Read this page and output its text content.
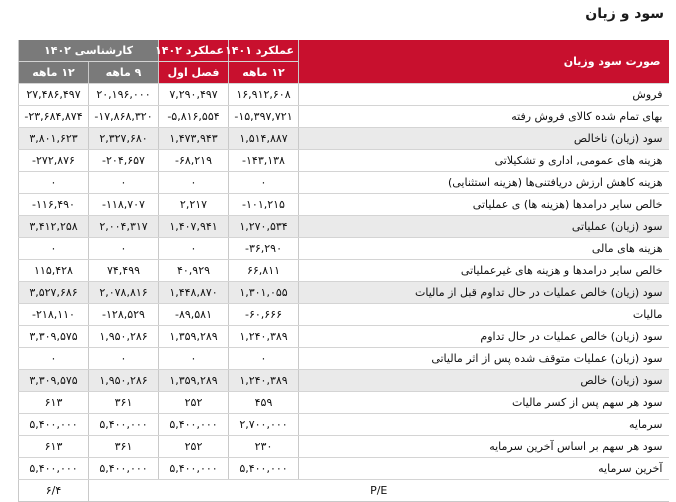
سود و زیان
صورت سود وزیان	عملکرد ۱۴۰۱	عملکرد ۱۴۰۲	کارشناسی ۱۴۰۲	
	۱۲ ماهه	فصل اول	۹ ماهه	۱۲ ماهه
فروش	۱۶,۹۱۲,۶۰۸	۷,۲۹۰,۴۹۷	۲۰,۱۹۶,۰۰۰	۲۷,۴۸۶,۴۹۷
بهای تمام شده کالای فروش رفته	-۱۵,۳۹۷,۷۲۱	-۵,۸۱۶,۵۵۴	-۱۷,۸۶۸,۳۲۰	-۲۳,۶۸۴,۸۷۴
سود (زیان) ناخالص	۱,۵۱۴,۸۸۷	۱,۴۷۳,۹۴۳	۲,۳۲۷,۶۸۰	۳,۸۰۱,۶۲۳
هزینه های عمومی, اداری و تشکیلاتی	-۱۴۳,۱۳۸	-۶۸,۲۱۹	-۲۰۴,۶۵۷	-۲۷۲,۸۷۶
هزینه کاهش ارزش دریافتنی‌ها (هزینه استثنایی)	۰	۰	۰	۰
خالص سایر درامدها (هزینه ها) ی عملیاتی	-۱۰۱,۲۱۵	۲,۲۱۷	-۱۱۸,۷۰۷	-۱۱۶,۴۹۰
سود (زیان) عملیاتی	۱,۲۷۰,۵۳۴	۱,۴۰۷,۹۴۱	۲,۰۰۴,۳۱۷	۳,۴۱۲,۲۵۸
هزینه های مالی	-۳۶,۲۹۰	۰	۰	۰
خالص سایر درامدها و هزینه های غیرعملیاتی	۶۶,۸۱۱	۴۰,۹۲۹	۷۴,۴۹۹	۱۱۵,۴۲۸
سود (زیان) خالص عملیات در حال تداوم قبل از مالیات	۱,۳۰۱,۰۵۵	۱,۴۴۸,۸۷۰	۲,۰۷۸,۸۱۶	۳,۵۲۷,۶۸۶
مالیات	-۶۰,۶۶۶	-۸۹,۵۸۱	-۱۲۸,۵۲۹	-۲۱۸,۱۱۰
سود (زیان) خالص عملیات در حال تداوم	۱,۲۴۰,۳۸۹	۱,۳۵۹,۲۸۹	۱,۹۵۰,۲۸۶	۳,۳۰۹,۵۷۵
سود (زیان) عملیات متوقف شده پس از اثر مالیاتی	۰	۰	۰	۰
سود (زیان) خالص	۱,۲۴۰,۳۸۹	۱,۳۵۹,۲۸۹	۱,۹۵۰,۲۸۶	۳,۳۰۹,۵۷۵
سود هر سهم پس از کسر مالیات	۴۵۹	۲۵۲	۳۶۱	۶۱۳
سرمایه	۲,۷۰۰,۰۰۰	۵,۴۰۰,۰۰۰	۵,۴۰۰,۰۰۰	۵,۴۰۰,۰۰۰
سود هر سهم بر اساس آخرین سرمایه	۲۳۰	۲۵۲	۳۶۱	۶۱۳
آخرین سرمایه	۵,۴۰۰,۰۰۰	۵,۴۰۰,۰۰۰	۵,۴۰۰,۰۰۰	۵,۴۰۰,۰۰۰
P/E				۶/۴
